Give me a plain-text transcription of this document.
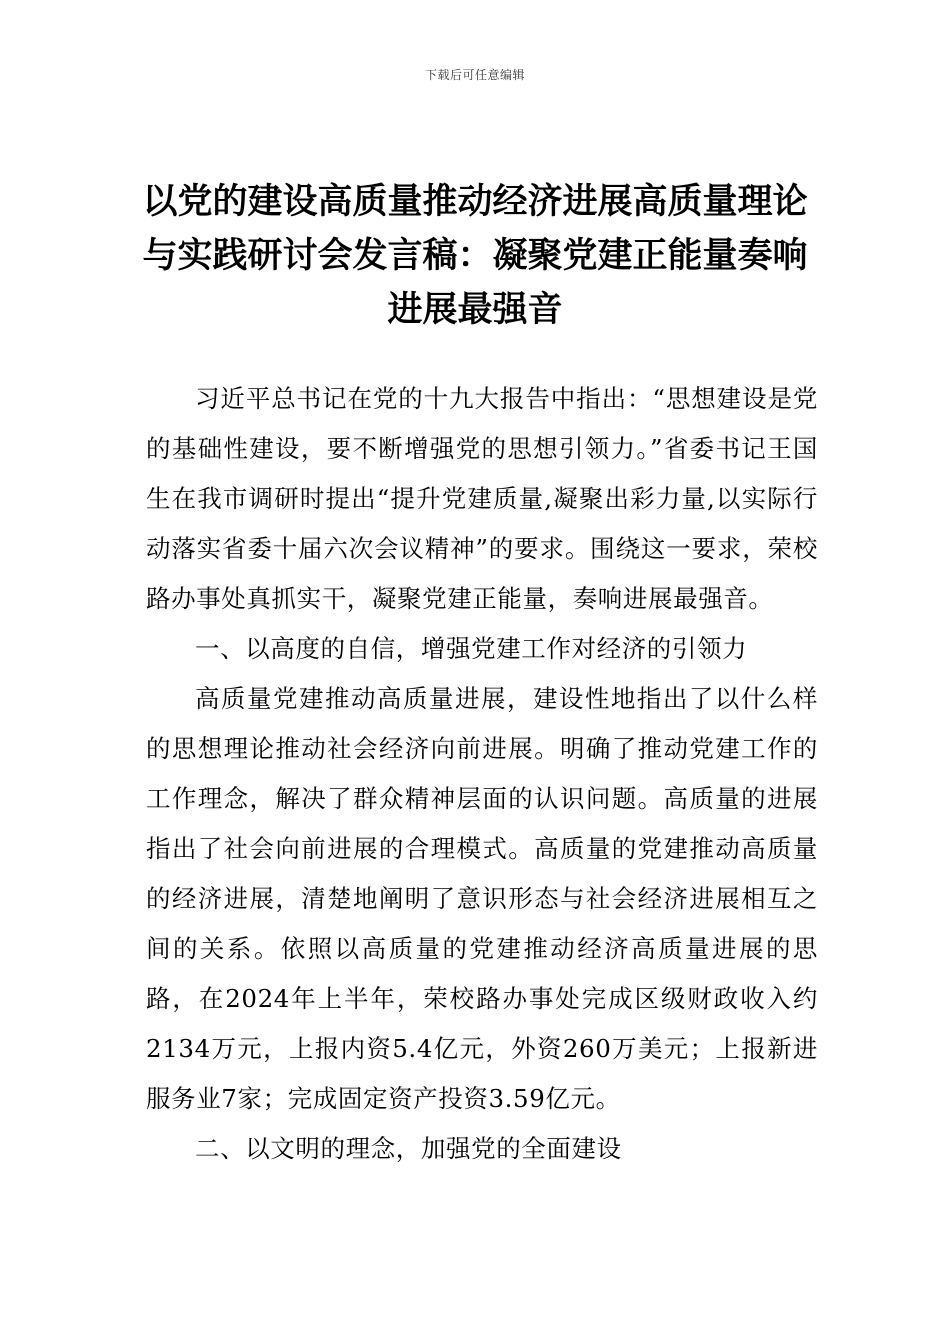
下载后可任意编辑
以党的建设高质量推动经济进展高质量理论与实践研讨会发言稿：凝聚党建正能量奏响进展最强音

习近平总书记在党的十九大报告中指出：“思想建设是党的基础性建设，要不断增强党的思想引领力。”省委书记王国生在我市调研时提出“提升党建质量,凝聚出彩力量,以实际行动落实省委十届六次会议精神”的要求。围绕这一要求，荣校路办事处真抓实干，凝聚党建正能量，奏响进展最强音。

一、以高度的自信，增强党建工作对经济的引领力

高质量党建推动高质量进展，建设性地指出了以什么样的思想理论推动社会经济向前进展。明确了推动党建工作的工作理念，解决了群众精神层面的认识问题。高质量的进展指出了社会向前进展的合理模式。高质量的党建推动高质量的经济进展，清楚地阐明了意识形态与社会经济进展相互之间的关系。依照以高质量的党建推动经济高质量进展的思路，在2024年上半年，荣校路办事处完成区级财政收入约2134万元，上报内资5.4亿元，外资260万美元；上报新进服务业7家；完成固定资产投资3.59亿元。

二、以文明的理念，加强党的全面建设
